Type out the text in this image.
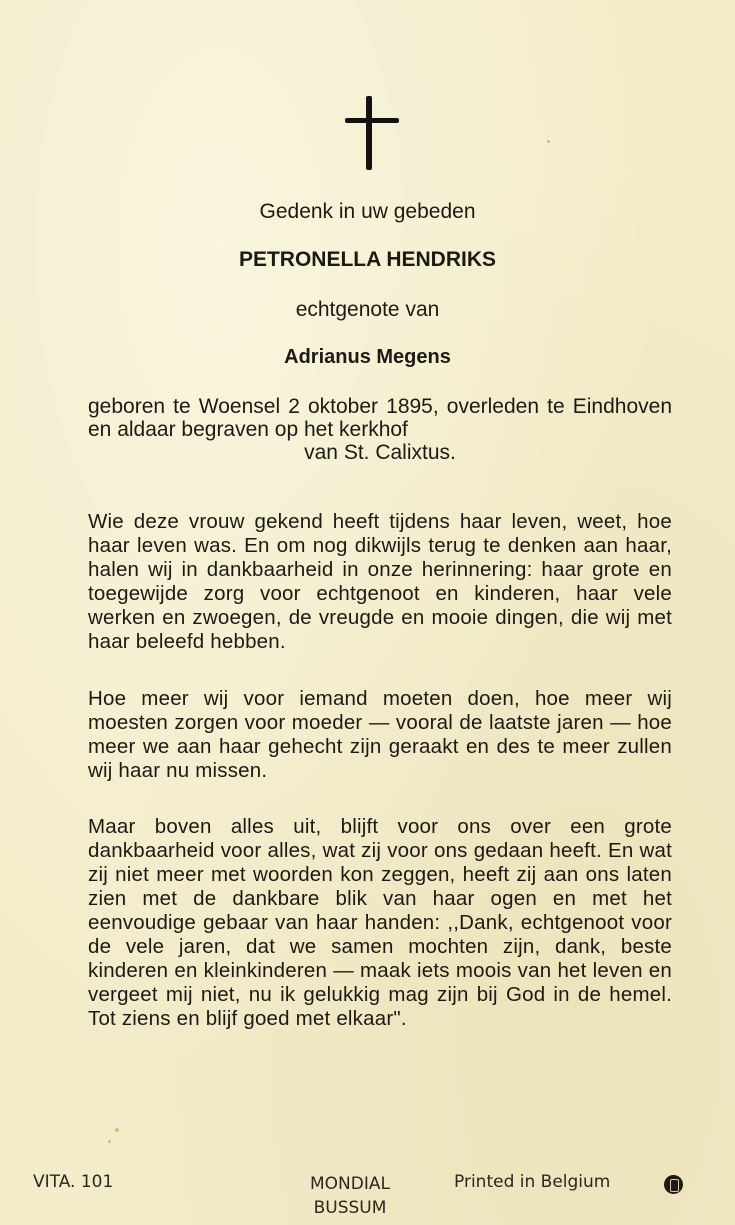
Gedenk in uw gebeden

PETRONELLA HENDRIKS

echtgenote van

Adrianus Megens

geboren te Woensel 2 oktober 1895, overleden te Eindhoven en aldaar begraven op het kerkhof
van St. Calixtus.

Wie deze vrouw gekend heeft tijdens haar leven, weet, hoe haar leven was. En om nog dikwijls terug te denken aan haar, halen wij in dankbaarheid in onze herinnering: haar grote en toegewijde zorg voor echtgenoot en kinderen, haar vele werken en zwoegen, de vreugde en mooie dingen, die wij met haar beleefd hebben.

Hoe meer wij voor iemand moeten doen, hoe meer wij moesten zorgen voor moeder — vooral de laatste jaren — hoe meer we aan haar gehecht zijn geraakt en des te meer zullen wij haar nu missen.

Maar boven alles uit, blijft voor ons over een grote dankbaarheid voor alles, wat zij voor ons gedaan heeft. En wat zij niet meer met woorden kon zeggen, heeft zij aan ons laten zien met de dankbare blik van haar ogen en met het eenvoudige gebaar van haar handen: ,,Dank, echtgenoot voor de vele jaren, dat we samen mochten zijn, dank, beste kinderen en kleinkinderen — maak iets moois van het leven en vergeet mij niet, nu ik gelukkig mag zijn bij God in de hemel. Tot ziens en blijf goed met elkaar".

VITA. 101	MONDIAL
BUSSUM

Printed in Belgium
